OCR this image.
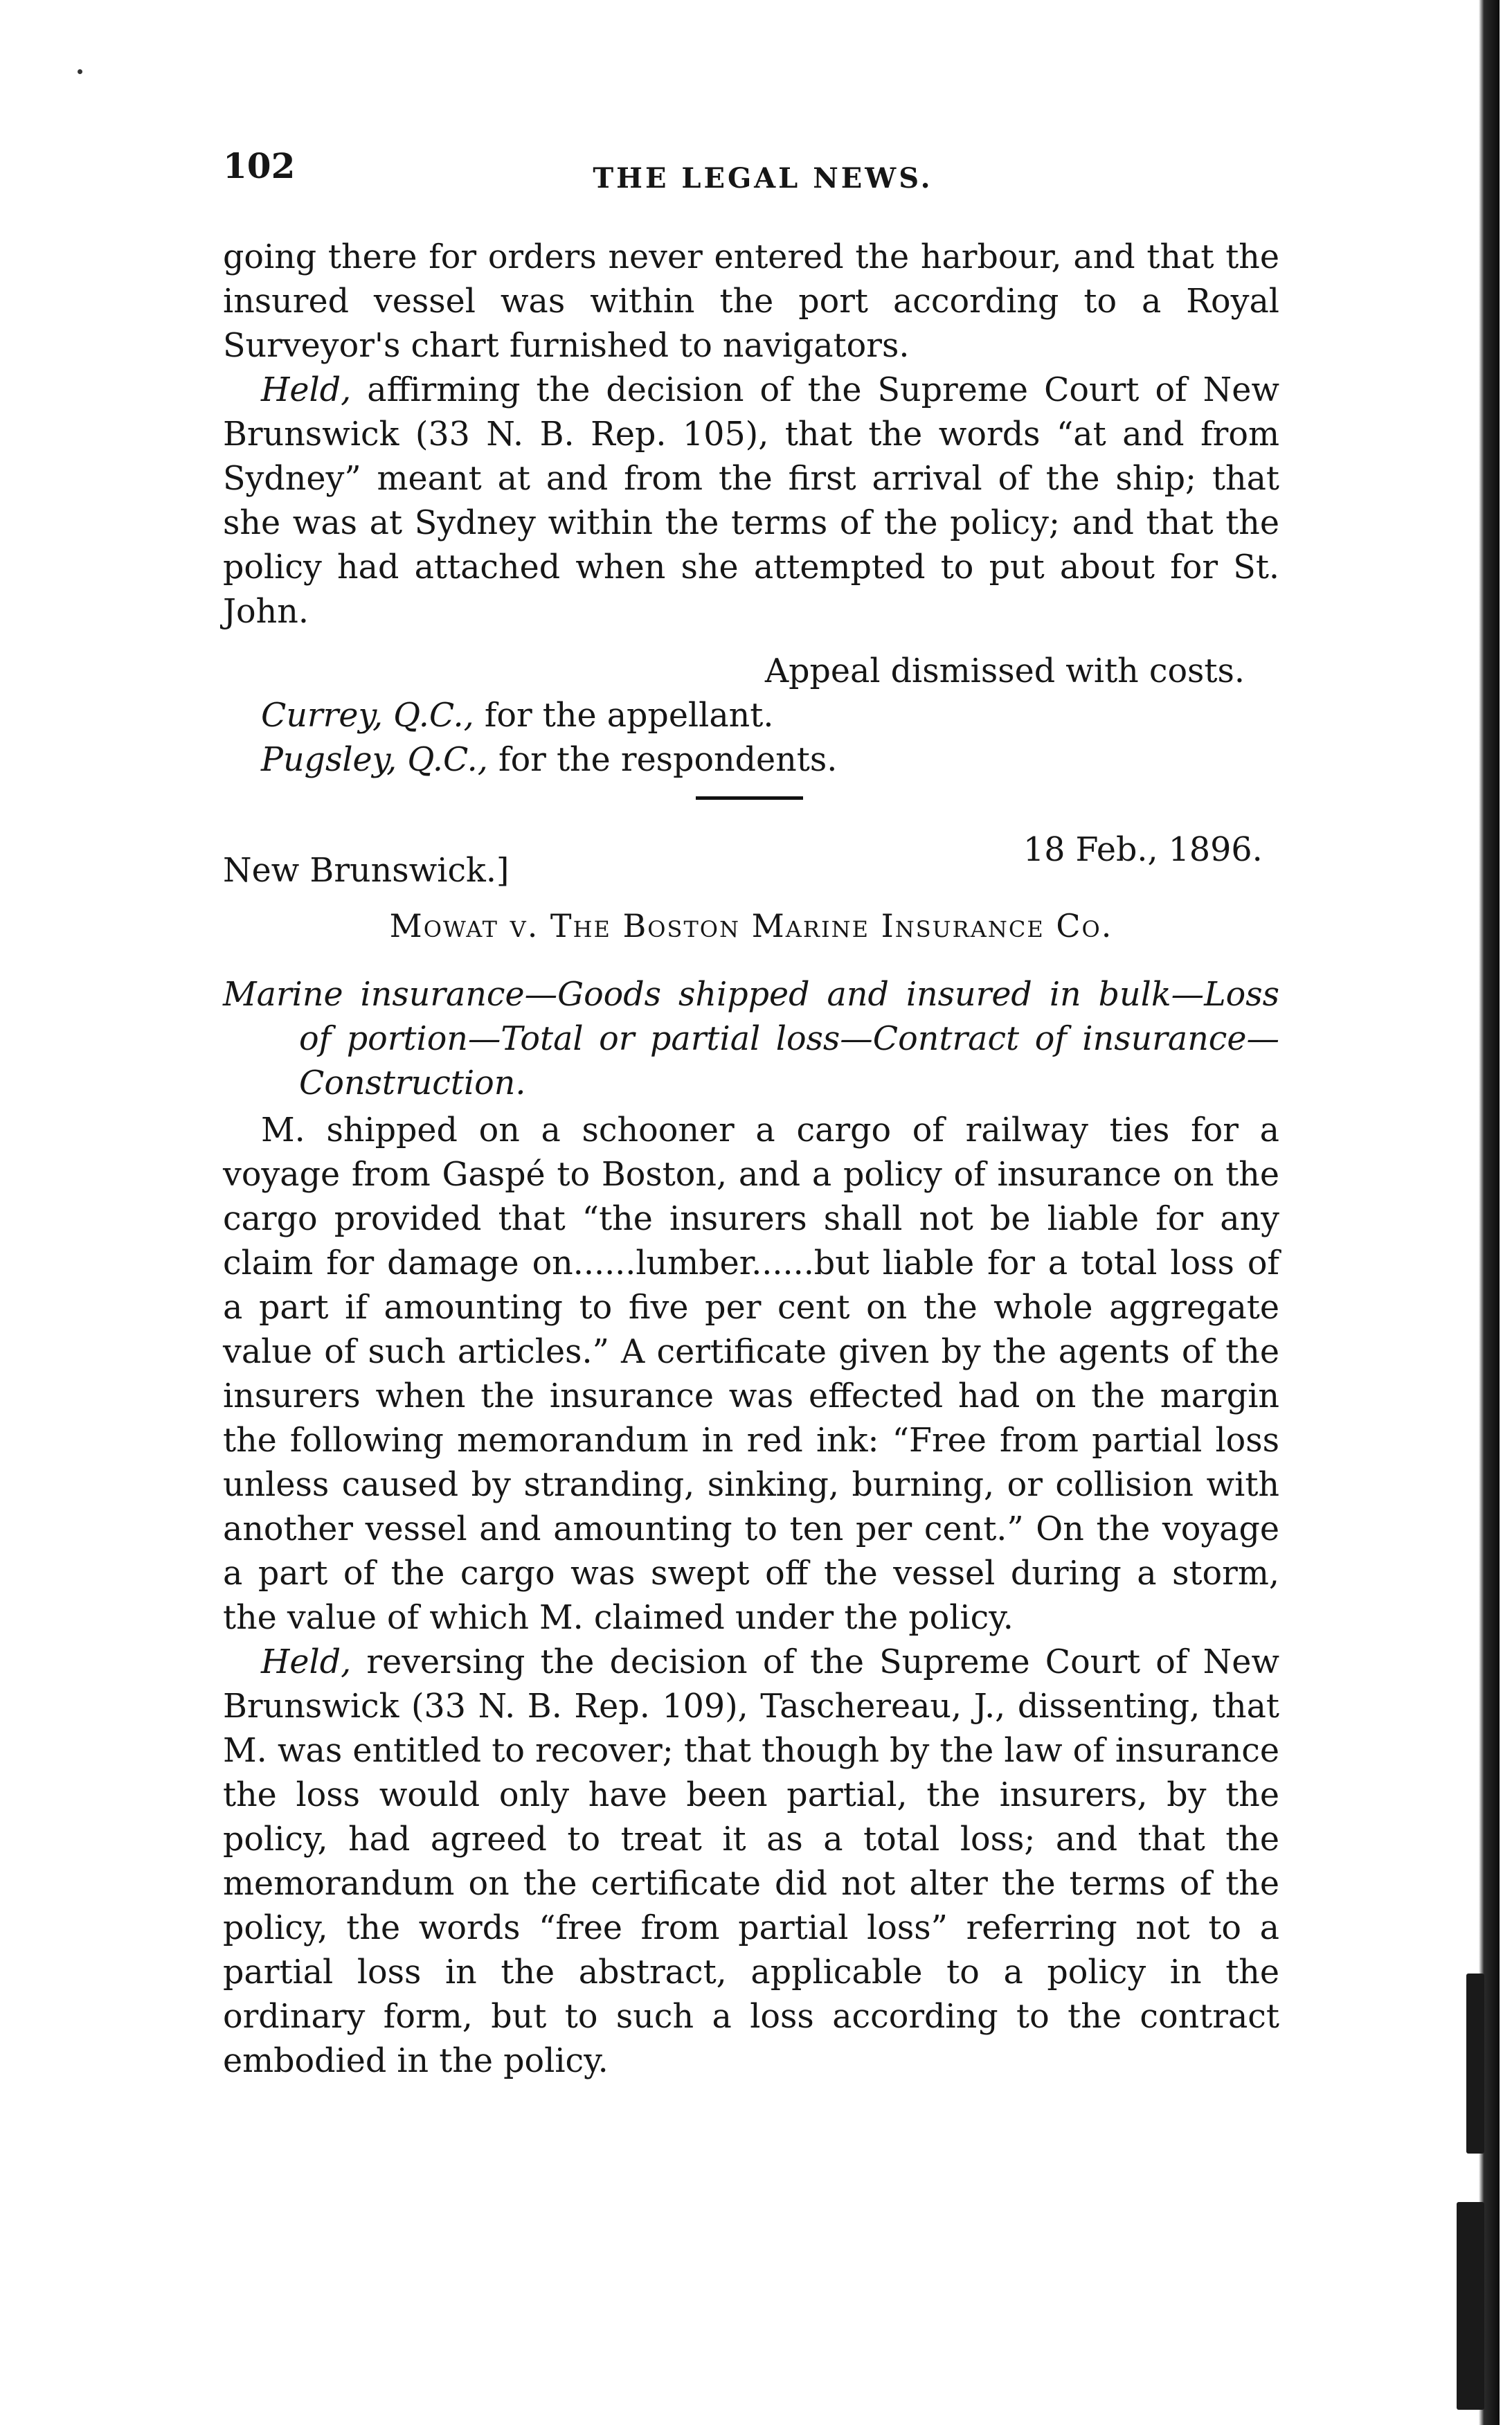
102	THE LEGAL NEWS.

going there for orders never entered the harbour, and that the insured vessel was within the port according to a Royal Surveyor's chart furnished to navigators.

Held, affirming the decision of the Supreme Court of New Brunswick (33 N. B. Rep. 105), that the words “at and from Sydney” meant at and from the first arrival of the ship; that she was at Sydney within the terms of the policy; and that the policy had attached when she attempted to put about for St. John.

Appeal dismissed with costs.

Currey, Q.C., for the appellant.

Pugsley, Q.C., for the respondents.

18 Feb., 1896.
New Brunswick.]
Mowat v. The Boston Marine Insurance Co.

Marine insurance—Goods shipped and insured in bulk—Loss of portion—Total or partial loss—Contract of insurance—Construction.

M. shipped on a schooner a cargo of railway ties for a voyage from Gaspé to Boston, and a policy of insurance on the cargo provided that “the insurers shall not be liable for any claim for damage on......lumber......but liable for a total loss of a part if amounting to five per cent on the whole aggregate value of such articles.” A certificate given by the agents of the insurers when the insurance was effected had on the margin the following memorandum in red ink: “Free from partial loss unless caused by stranding, sinking, burning, or collision with another vessel and amounting to ten per cent.” On the voyage a part of the cargo was swept off the vessel during a storm, the value of which M. claimed under the policy.

Held, reversing the decision of the Supreme Court of New Brunswick (33 N. B. Rep. 109), Taschereau, J., dissenting, that M. was entitled to recover; that though by the law of insurance the loss would only have been partial, the insurers, by the policy, had agreed to treat it as a total loss; and that the memorandum on the certificate did not alter the terms of the policy, the words “free from partial loss” referring not to a partial loss in the abstract, applicable to a policy in the ordinary form, but to such a loss according to the contract embodied in the policy.
